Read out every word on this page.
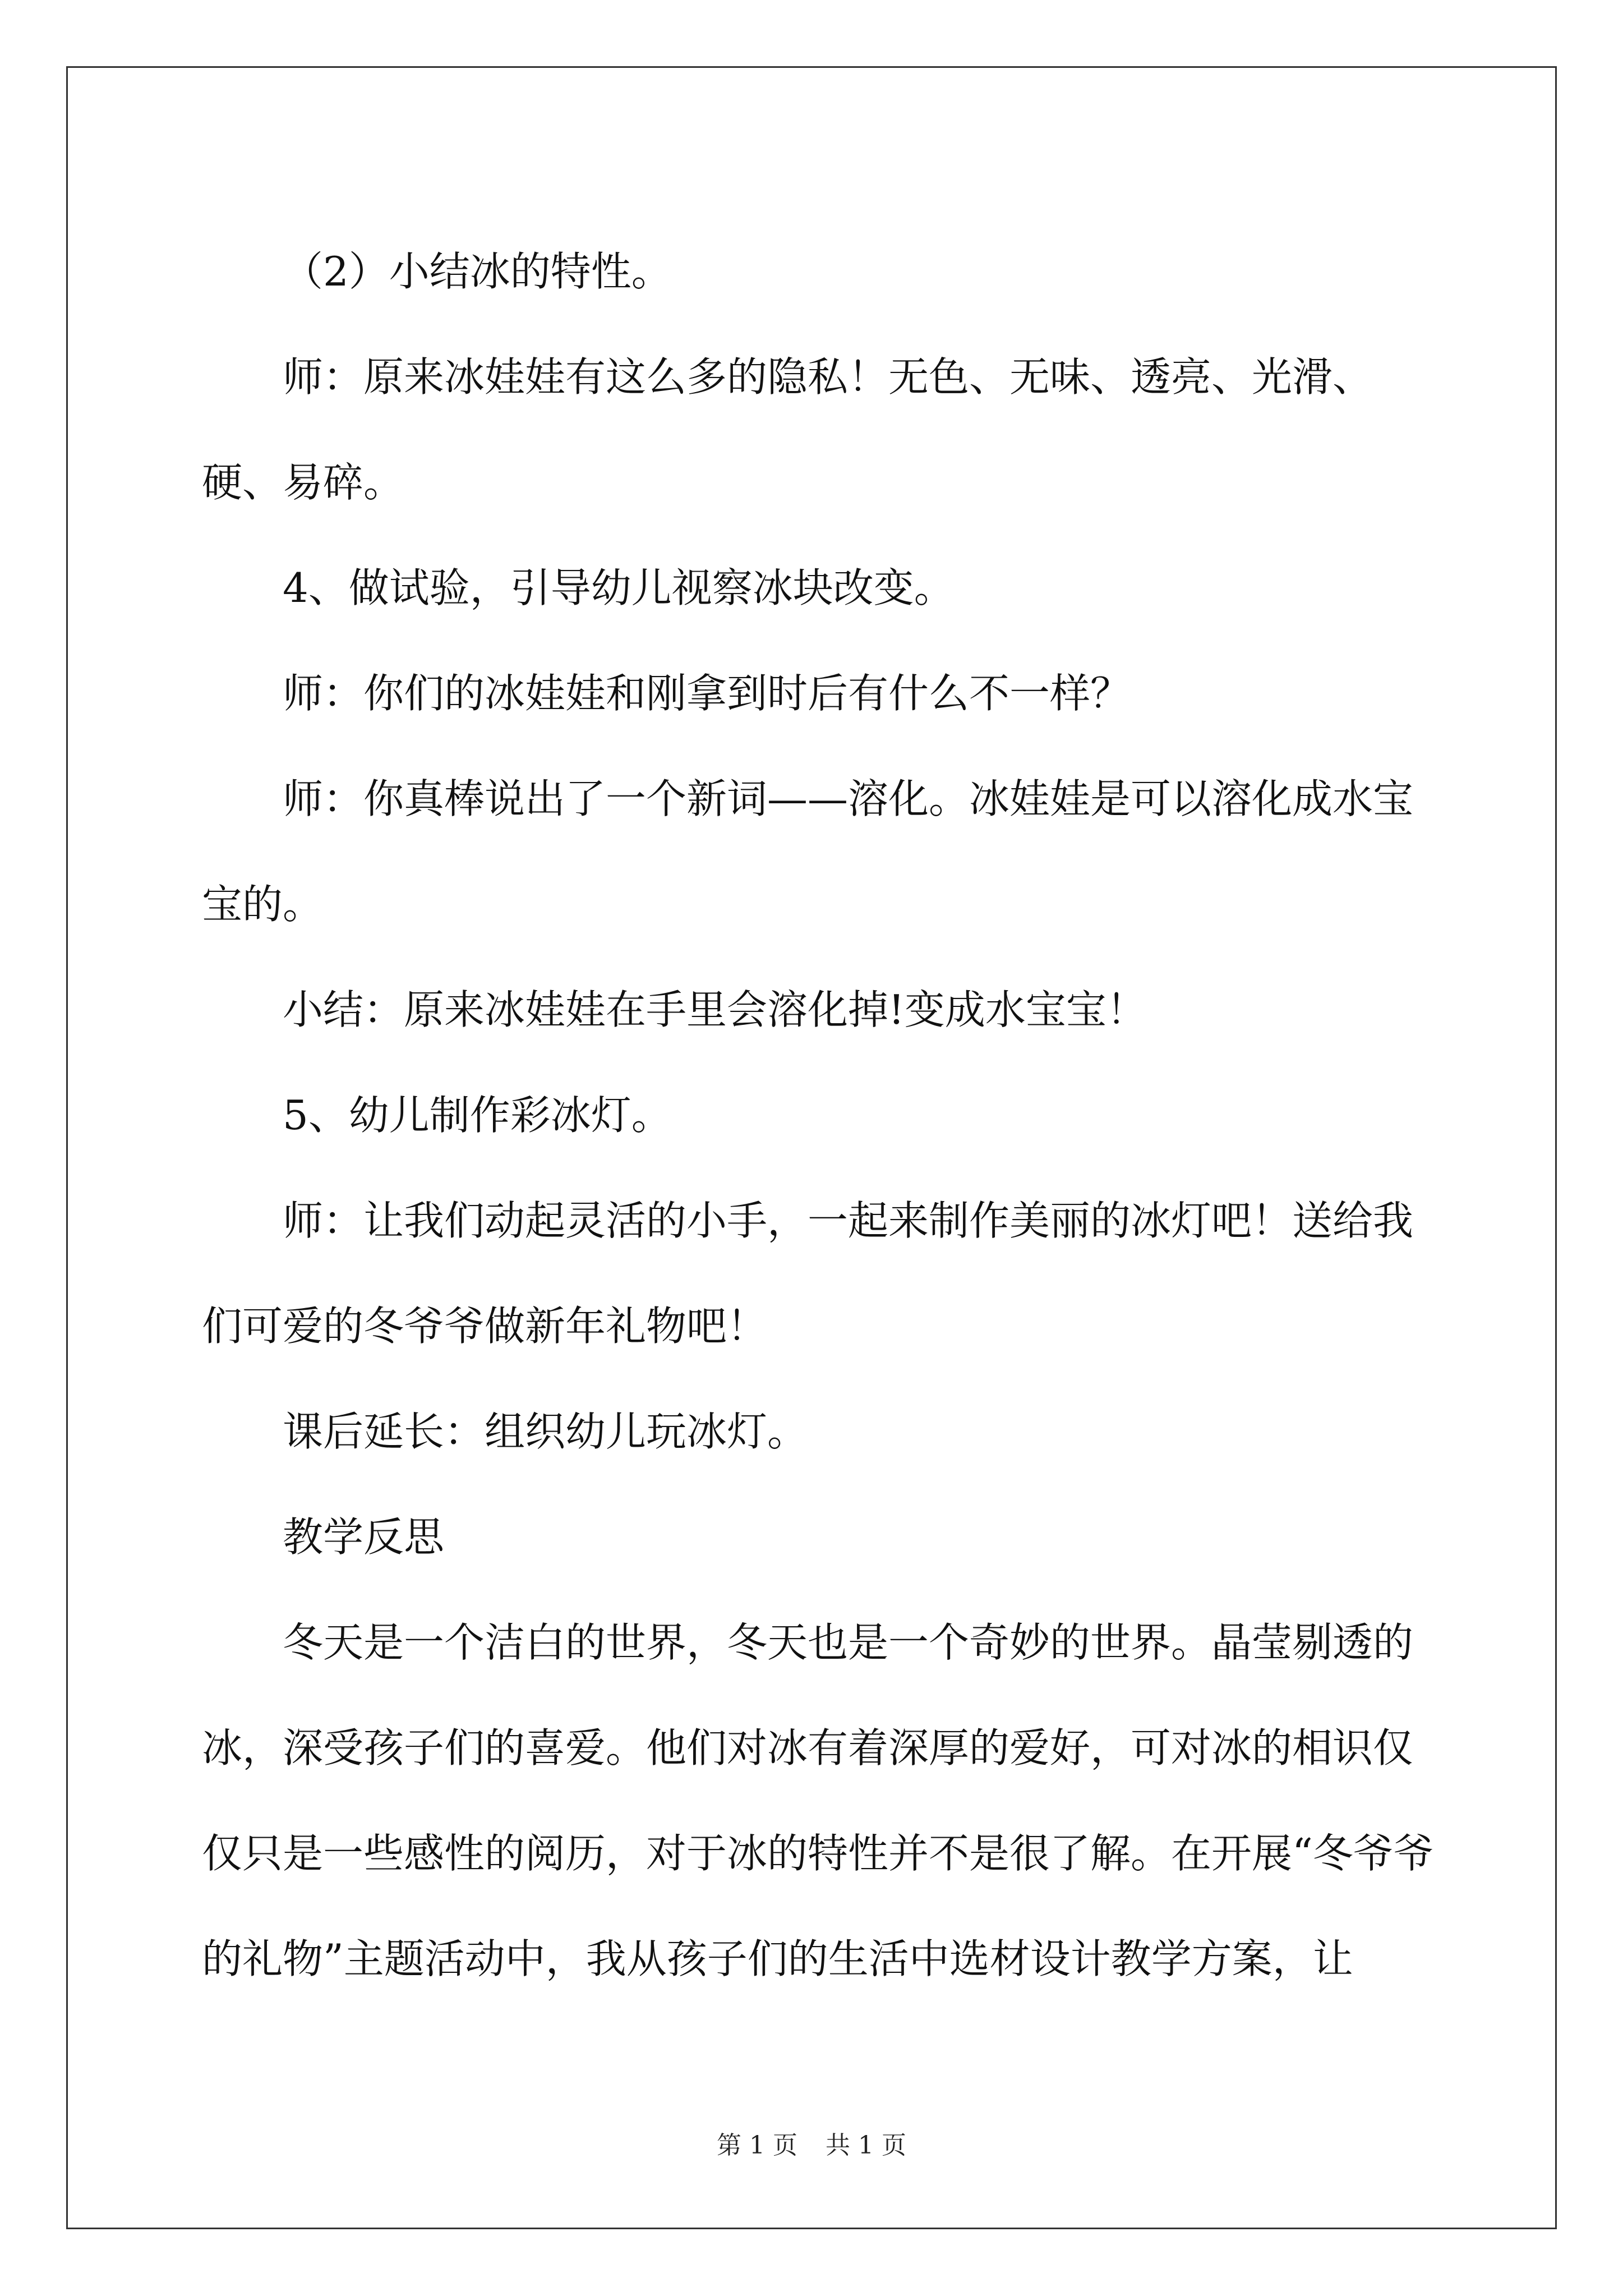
（2）小结冰的特性。

师：原来冰娃娃有这么多的隐私！无色、无味、透亮、光滑、硬、易碎。

4、做试验，引导幼儿视察冰块改变。

师：你们的冰娃娃和刚拿到时后有什么不一样？

师：你真棒说出了一个新词——溶化。冰娃娃是可以溶化成水宝宝的。

小结：原来冰娃娃在手里会溶化掉!变成水宝宝！

5、幼儿制作彩冰灯。

师：让我们动起灵活的小手，一起来制作美丽的冰灯吧！送给我们可爱的冬爷爷做新年礼物吧！

课后延长：组织幼儿玩冰灯。

教学反思

冬天是一个洁白的世界，冬天也是一个奇妙的世界。晶莹剔透的冰，深受孩子们的喜爱。他们对冰有着深厚的爱好，可对冰的相识仅仅只是一些感性的阅历，对于冰的特性并不是很了解。在开展“冬爷爷的礼物”主题活动中，我从孩子们的生活中选材设计教学方案，让

第 1 页 共 1 页
